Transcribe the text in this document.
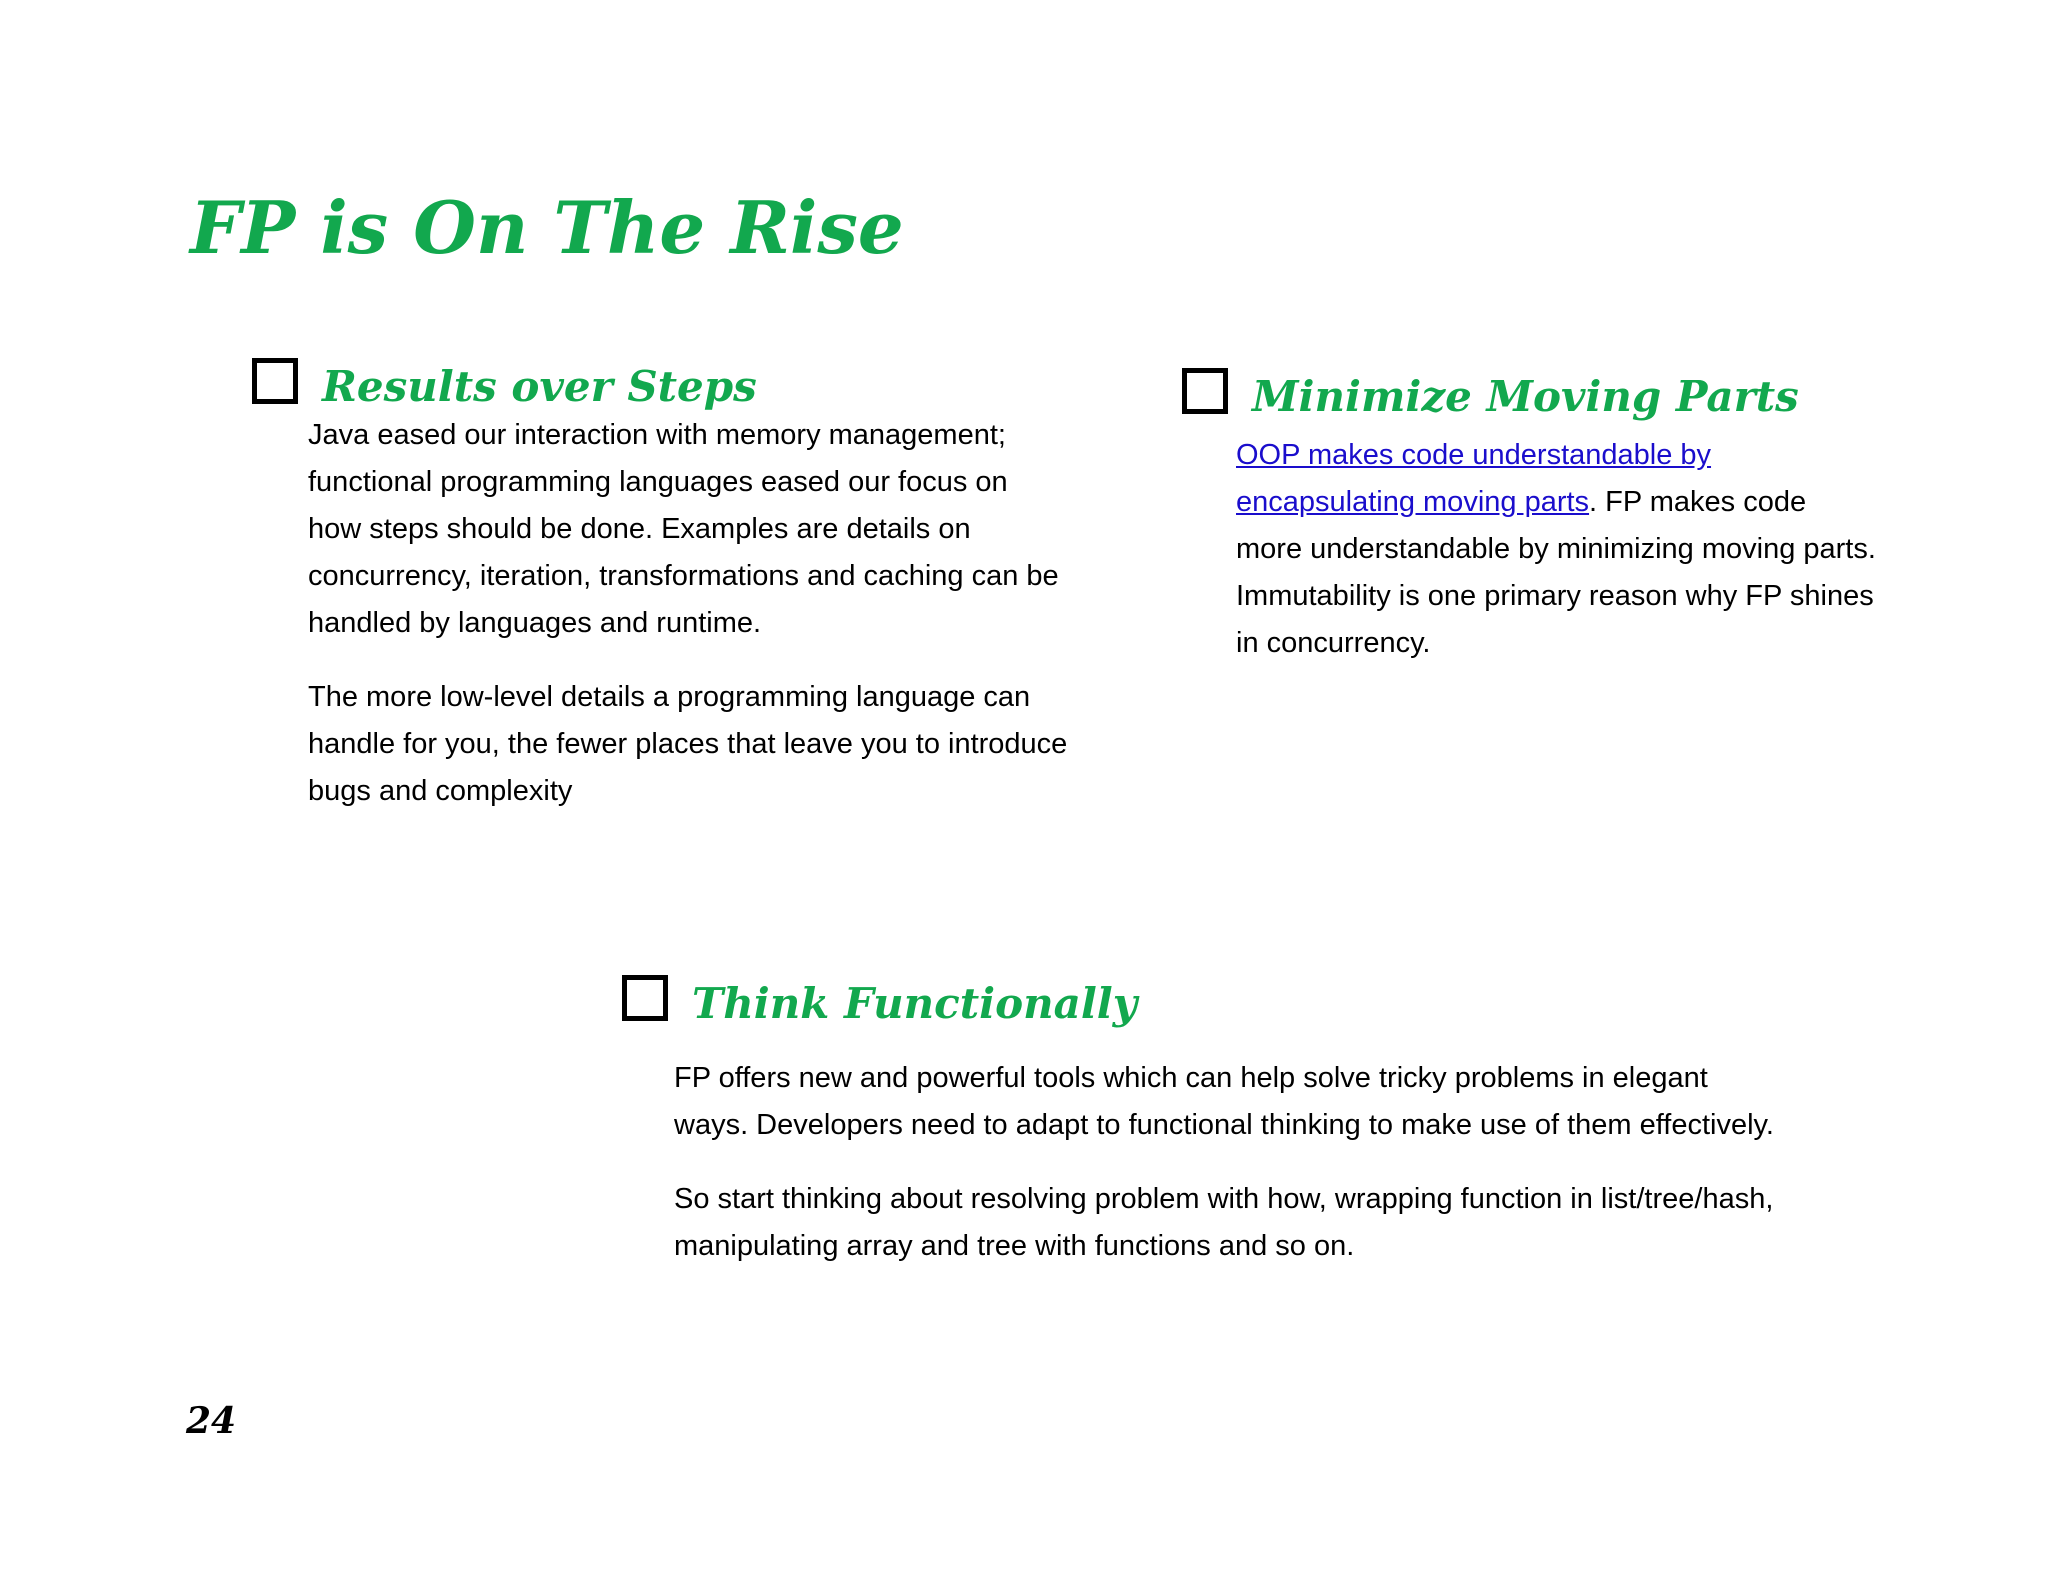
FP is On The Rise
Results over Steps

Java eased our interaction with memory management; functional programming languages eased our focus on how steps should be done. Examples are details on concurrency, iteration, transformations and caching can be handled by languages and runtime.

The more low-level details a programming language can handle for you, the fewer places that leave you to introduce bugs and complexity

Minimize Moving Parts

OOP makes code understandable by encapsulating moving parts. FP makes code more understandable by minimizing moving parts. Immutability is one primary reason why FP shines in concurrency.

Think Functionally

FP offers new and powerful tools which can help solve tricky problems in elegant ways. Developers need to adapt to functional thinking to make use of them effectively.

So start thinking about resolving problem with how, wrapping function in list/tree/hash, manipulating array and tree with functions and so on.

24
